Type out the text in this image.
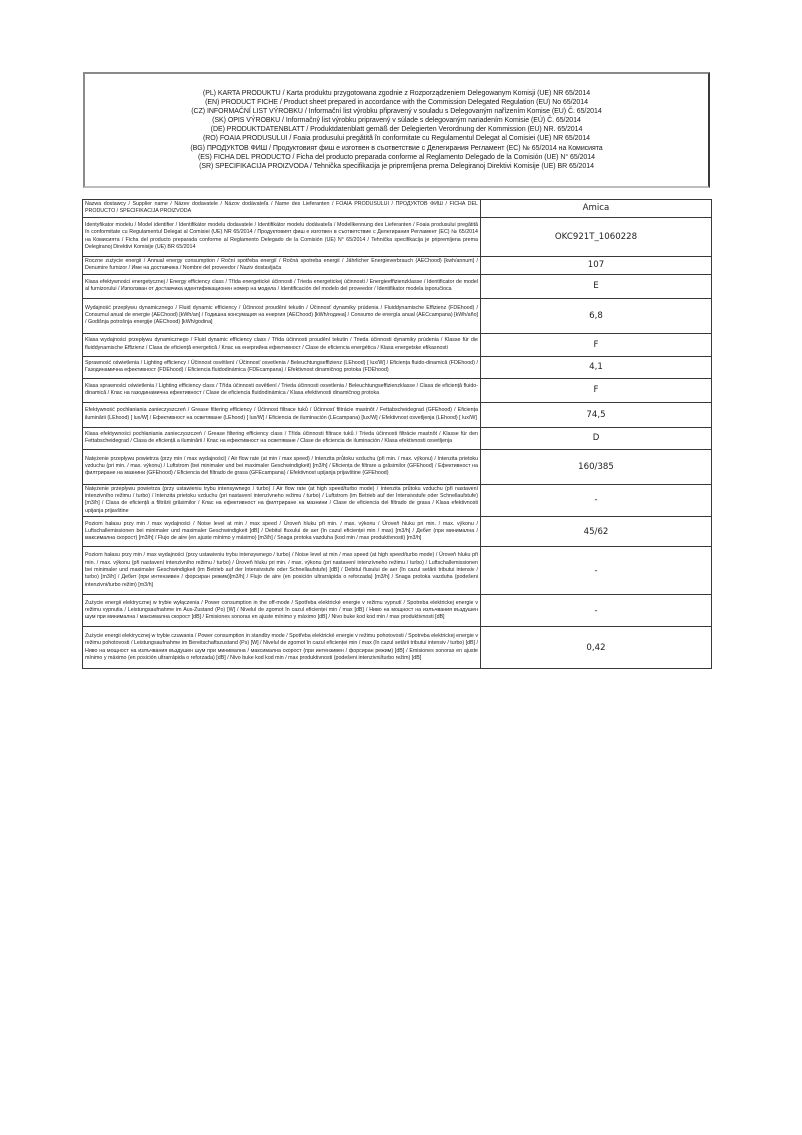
(PL) KARTA PRODUKTU / Karta produktu przygotowana zgodnie z Rozporządzeniem Delegowanym Komisji (UE) NR 65/2014
(EN) PRODUCT FICHE / Product sheet prepared in accordance with the Commission Delegated Regulation (EU) No 65/2014
(CZ) INFORMAČNÍ LIST VÝROBKU / Informační list výrobku připravený v souladu s Delegovaným nařízením Komise (EU) Č. 65/2014
(SK) OPIS VÝROBKU / Informačný list výrobku pripravený v súlade s delegovaným nariadením Komisie (EÚ) Č. 65/2014
(DE) PRODUKTDATENBLATT / Produktdatenblatt gemäß der Delegierten Verordnung der Kommission (EU) NR. 65/2014
(RO) FOAIA PRODUSULUI / Foaia produsului pregătită în conformitate cu Regulamentul Delegat al Comisiei (UE) NR 65/2014
(BG) ПРОДУКТОВ ФИШ / Продуктовият фиш е изготвен в съответствие с Делегирания Регламент (ЕС) № 65/2014 на Комисията
(ES) FICHA DEL PRODUCTO / Ficha del producto preparada conforme al Reglamento Delegado de la Comisión (UE) N° 65/2014
(SR) SPECIFIKACIJA PROIZVODA / Tehnička specifikacija je pripremljena prema Delegiranoj Direktivi Komisije (UE) BR 65/2014
Nazwa dostawcy / Supplier name / Název dodavatele / Názov dodávateľa / Name des Lieferanten / FOAIA PRODUSULUI / ПРОДУКТОВ ФИШ / FICHA DEL PRODUCTO / SPECIFIKACIJA PROIZVODA	Amica
Identyfikator modelu / Model identifier / Identifikátor modelu dodavatele / Identifikátor modelu dodávateľa / Modellkennung des Lieferanten / Foaia produsului pregătită în conformitate cu Regulamentul Delegat al Comisiei (UE) NR 65/2014 / Продуктовият фиш е изготвен в съответствие с Делегирания Регламент (ЕС) № 65/2014 на Комисията / Ficha del producto preparada conforme al Reglamento Delegado de la Comisión (UE) N° 65/2014 / Tehnička specifikacija je pripremljena prema Delegiranoj Direktivi Komisije (UE) BR 65/2014	OKC921T_1060228
Roczne zużycie energii / Annual energy consumption / Roční spotřeba energií / Ročná spotreba energii / Jährlicher Energieverbrauch (AEChood) [kwh/annum] / Denumire furnizor / Име на доставчика / Nombre del proveedor / Naziv dostavljača	107
Klasa efektywności energetycznej / Energy efficiency class / Třída energetické účinnosti / Trieda energetickej účinnosti / Energieeffizienzklasse / Identificator de model al furnizorului / Използван от доставчика идентификационен номер на модела / Identificación del modelo del proveedor / Identifikator modela isporučioca	E
Wydajność przepływu dynamicznego / Fluid dynamic efficiency / Účinnost proudění tekutin / Účinnosť dynamiky prúdenia / Fluiddynamische Effizienz (FDEhood) / Consumul anual de energie (AEChood) [kWh/an] / Годишна консумация на енергия (AEChood) [kWh/година] / Consumo de energía anual (AECcampana) [kWh/año] / Godišnja potrošnja energije (AEChood) [kWh/godina]	6,8
Klasa wydajności przepływu dynamicznego / Fluid dynamic efficiency class / Třída účinnosti proudění tekutin / Trieda účinnosti dynamiky prúdenia / Klasse für die fluiddynamische Effizienz / Clasa de eficiență energetică / Клас на енергийна ефективност / Clase de eficiencia energética / Klasa energetske efikasnosti	F
Sprawność oświetlenia / Lighting efficiency / Účinnost osvětlení / Účinnosť osvetlenia / Beleuchtungseffizienz (LEhood) [ lux/W] / Eficiența fluido-dinamică (FDEhood) / Газодинамична ефективност (FDEhood) / Eficiencia fluidodinámica (FDEcampana) / Efektivnost dinamičnog protoka (FDEhood)	4,1
Klasa sprawności oświetlenia / Lighting efficiency class / Třída účinnosti osvětlení / Trieda účinnosti osvetlenia / Beleuchtungseffizienzklasse / Clasa de eficiență fluido-dinamică / Клас на газодинамична ефективност / Clase de eficiencia fluidodinámica / Klasa efektivnosti dinamičnog protoka	F
Efektywność pochłaniania zanieczyszczeń / Grease filtering efficiency / Účinnost filtrace tuků / Účinnosť filtrácie mastnôt / Fettabscheidegrad (GFEhood) / Eficiența iluminării (LEhood) [ lux/W] / Ефективност на осветяване (LEhood) [ lux/W] / Eficiencia de iluminación (LEcampana) [lux/W] / Efektivnost osvetljenja (LEhood) [ lux/W]	74,5
Klasa efektywności pochłaniania zanieczyszczeń / Grease filtering efficiency class / Třída účinnosti filtrace tuků / Trieda účinnosti filtrácie mastnôt / Klasse für den Fettabscheidegrad / Clasa de eficiență a iluminării / Клас на ефективност на осветяване / Clase de eficiencia de iluminación / Klasa efektivnosti osvetljenja	D
Natężenie przepływu powietrza (przy min / max wydajności) / Air flow rate (at min / max speed) / Intenzita průtoku vzduchu (při min. / max. výkonu) / Intenzita prietoku vzduchu (pri min. / max. výkonu) / Luftstrom (bei minimaler und bei maximaler Geschwindigkeit) [m3/h] / Eficiența de filtrare a grăsimilor (GFEhood) / Ефективност на филтриране на мазнини (GFEhood) / Eficiencia del filtrado de grasa (GFEcampana) / Efektivnost upijanja prijavštine (GFEhood)	160/385
Natężenie przepływu powietrza (przy ustawieniu trybu intensywnego / turbo) / Air flow rate (at high speed/turbo mode) / Intenzita průtoku vzduchu (při nastavení intenzivního režimu / turbo) / Intenzita prietoku vzduchu (pri nastavení intenzívneho režimu / turbo) / Luftstrom (im Betrieb auf der Intensivstufe oder Schnellaufstufe) [m3/h] / Clasa de eficiență a filtrării grăsimilor / Клас на ефективност на филтриране на мазнини / Clase de eficiencia del filtrado de grasa / Klasa efektivnosti upijanja prijavštine	-
Poziom hałasu przy min / max wydajności / Noise level at min / max speed / Úroveň hluku při min. / max. výkonu / Úroveň hluku pri min. / max. výkonu / Luftschallemissionen bei minimaler und maximaler Geschwindigkeit [dB] / Debitul fluxului de aer (în cazul eficienței min / max) [m3/h] / Дебит (при минимална / максимална скорост) [m3/h] / Flujo de aire (en ajuste mínimo y máximo) [m3/h] / Snaga protoka vazduha (kod min / max produktivnosti) [m3/h]	45/62
Poziom hałasu przy min / max wydajności (przy ustawieniu trybu intensywnego / turbo) / Noise level at min / max speed (at high speed/turbo mode) / Úroveň hluku při min. / max. výkonu (při nastavení intenzivního režimu / turbo) / Úroveň hluku pri min. / max. výkonu (pri nastavení intenzívneho režimu / turbo) / Luftschallemissionen bei minimaler und maximaler Geschwindigkeit (im Betrieb auf der Intensivstufe oder Schnellaufstufe) [dB] / Debitul fluxului de aer (în cazul setării tributui intensiv / turbo) [m3/h] / Дебит (при интензивен / форсиран режим)[m3/h] / Flujo de aire (en posición ultrarrápida o reforzada) [m3/h] / Snaga protoka vazduha (podešeni intenzivni/turbo režim) [m3/h]	-
Zużycie energii elektrycznej w trybie wyłączenia / Power consumption in the off-mode / Spotřeba elektrické energie v režimu vypnutí / Spotreba elektrickej energie v režimu vypnutia / Leistungsaufnahme im Aus-Zustand (Po) [W] / Nivelul de zgomot în cazul eficienței min / max [dB] / Ниво на мощност на излъчвания въздушен шум при минимална / максимална скорост [dB] / Emisiones sonoras en ajuste mínimo y máximo [dB] / Nivo buke kod kod min / max produktivnosti [dB]	-
Zużycie energii elektrycznej w trybie czuwania / Power consumption in standby mode / Spotřeba elektrické energie v režimu pohotovosti / Spotreba elektrickej energie v režimu pohotovosti / Leistungsaufnahme im Bereitschaftszustand (Ps) [W] / Nivelul de zgomot în cazul eficienței min / max (în cazul setării tributui intensiv / turbo) [dB] / Ниво на мощност на излъчвания въздушен шум при минимална / максимална скорост (при интензивен / форсиран режим) [dB] / Emisiones sonoras en ajuste mínimo y máximo (en posición ultrarrápida o reforzada) [dB] / Nivo buke kod kod min / max produktivnosti (podešeni intenzivni/turbo režim) [dB]	0,42
